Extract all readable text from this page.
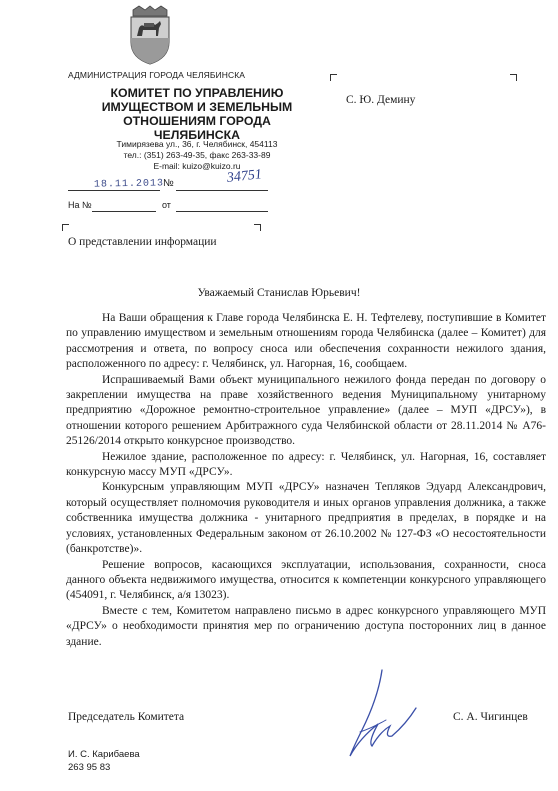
АДМИНИСТРАЦИЯ ГОРОДА ЧЕЛЯБИНСКА
КОМИТЕТ ПО УПРАВЛЕНИЮ
ИМУЩЕСТВОМ И ЗЕМЕЛЬНЫМ
ОТНОШЕНИЯМ ГОРОДА ЧЕЛЯБИНСКА
Тимирязева ул., 36, г. Челябинск, 454113
тел.: (351) 263-49-35, факс 263-33-89
E-mail: kuizo@kuizo.ru
18.11.2013
№	34751
На №	от
С. Ю. Демину
О представлении информации
Уважаемый Станислав Юрьевич!

На Ваши обращения к Главе города Челябинска Е. Н. Тефтелеву, поступившие в Комитет по управлению имуществом и земельным отношениям города Челябинска (далее – Комитет) для рассмотрения и ответа, по вопросу сноса или обеспечения сохранности нежилого здания, расположенного по адресу: г. Челябинск, ул. Нагорная, 16, сообщаем.

Испрашиваемый Вами объект муниципального нежилого фонда передан по договору о закреплении имущества на праве хозяйственного ведения Муниципальному унитарному предприятию «Дорожное ремонтно-строительное управление» (далее – МУП «ДРСУ»), в отношении которого решением Арбитражного суда Челябинской области от 28.11.2014 № А76-25126/2014 открыто конкурсное производство.

Нежилое здание, расположенное по адресу: г. Челябинск, ул. Нагорная, 16, составляет конкурсную массу МУП «ДРСУ».

Конкурсным управляющим МУП «ДРСУ» назначен Тепляков Эдуард Александрович, который осуществляет полномочия руководителя и иных органов управления должника, а также собственника имущества должника - унитарного предприятия в пределах, в порядке и на условиях, установленных Федеральным законом от 26.10.2002 № 127-ФЗ «О несостоятельности (банкротстве)».

Решение вопросов, касающихся эксплуатации, использования, сохранности, сноса данного объекта недвижимого имущества, относится к компетенции конкурсного управляющего (454091, г. Челябинск, а/я 13023).

Вместе с тем, Комитетом направлено письмо в адрес конкурсного управляющего МУП «ДРСУ» о необходимости принятия мер по ограничению доступа посторонних лиц в данное здание.

Председатель Комитета	С. А. Чигинцев
И. С. Карибаева
263 95 83
